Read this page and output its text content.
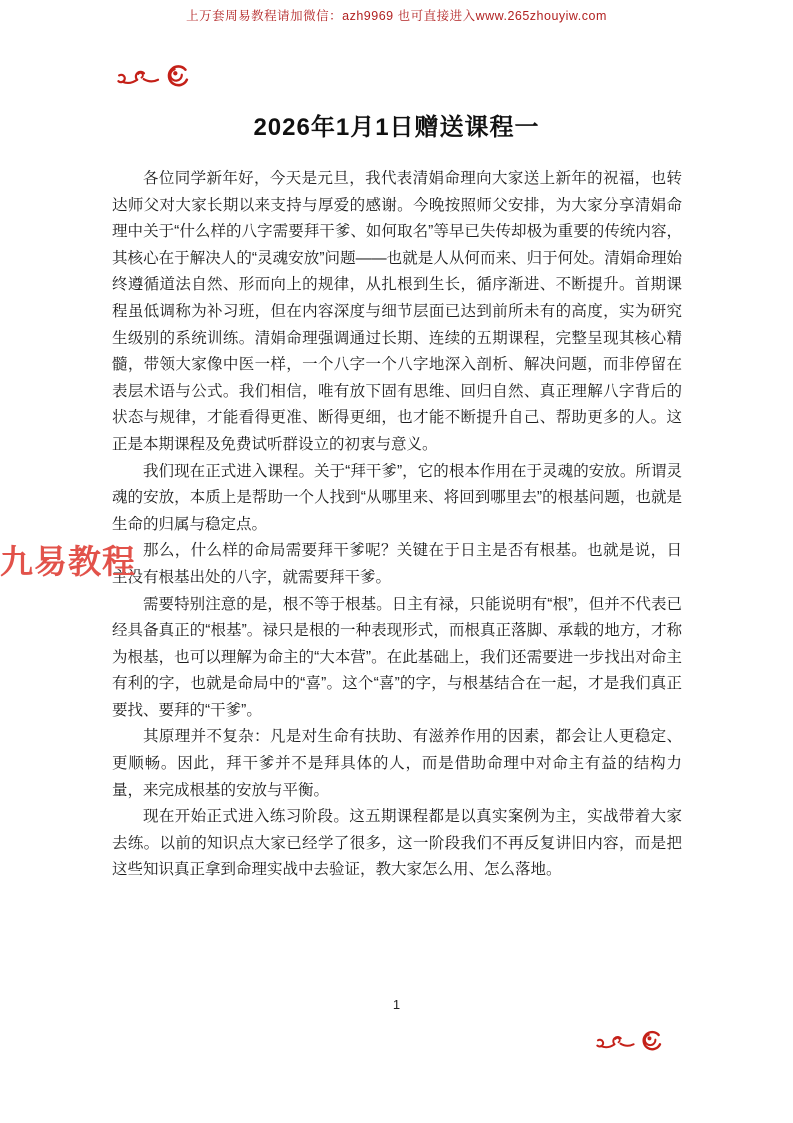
上万套周易教程请加微信：azh9969 也可直接进入www.265zhouyiw.com
2026年1月1日赠送课程一

各位同学新年好，今天是元旦，我代表清娟命理向大家送上新年的祝福，也转达师父对大家长期以来支持与厚爱的感谢。今晚按照师父安排，为大家分享清娟命理中关于“什么样的八字需要拜干爹、如何取名”等早已失传却极为重要的传统内容，其核心在于解决人的“灵魂安放”问题——也就是人从何而来、归于何处。清娟命理始终遵循道法自然、形而向上的规律，从扎根到生长，循序渐进、不断提升。首期课程虽低调称为补习班，但在内容深度与细节层面已达到前所未有的高度，实为研究生级别的系统训练。清娟命理强调通过长期、连续的五期课程，完整呈现其核心精髓，带领大家像中医一样，一个八字一个八字地深入剖析、解决问题，而非停留在表层术语与公式。我们相信，唯有放下固有思维、回归自然、真正理解八字背后的状态与规律，才能看得更准、断得更细，也才能不断提升自己、帮助更多的人。这正是本期课程及免费试听群设立的初衷与意义。

我们现在正式进入课程。关于“拜干爹”，它的根本作用在于灵魂的安放。所谓灵魂的安放，本质上是帮助一个人找到“从哪里来、将回到哪里去”的根基问题，也就是生命的归属与稳定点。

那么，什么样的命局需要拜干爹呢？关键在于日主是否有根基。也就是说，日主没有根基出处的八字，就需要拜干爹。

需要特别注意的是，根不等于根基。日主有禄，只能说明有“根”，但并不代表已经具备真正的“根基”。禄只是根的一种表现形式，而根真正落脚、承载的地方，才称为根基，也可以理解为命主的“大本营”。在此基础上，我们还需要进一步找出对命主有利的字，也就是命局中的“喜”。这个“喜”的字，与根基结合在一起，才是我们真正要找、要拜的“干爹”。

其原理并不复杂：凡是对生命有扶助、有滋养作用的因素，都会让人更稳定、更顺畅。因此，拜干爹并不是拜具体的人，而是借助命理中对命主有益的结构力量，来完成根基的安放与平衡。

现在开始正式进入练习阶段。这五期课程都是以真实案例为主，实战带着大家去练。以前的知识点大家已经学了很多，这一阶段我们不再反复讲旧内容，而是把这些知识真正拿到命理实战中去验证，教大家怎么用、怎么落地。

九易教程
1
